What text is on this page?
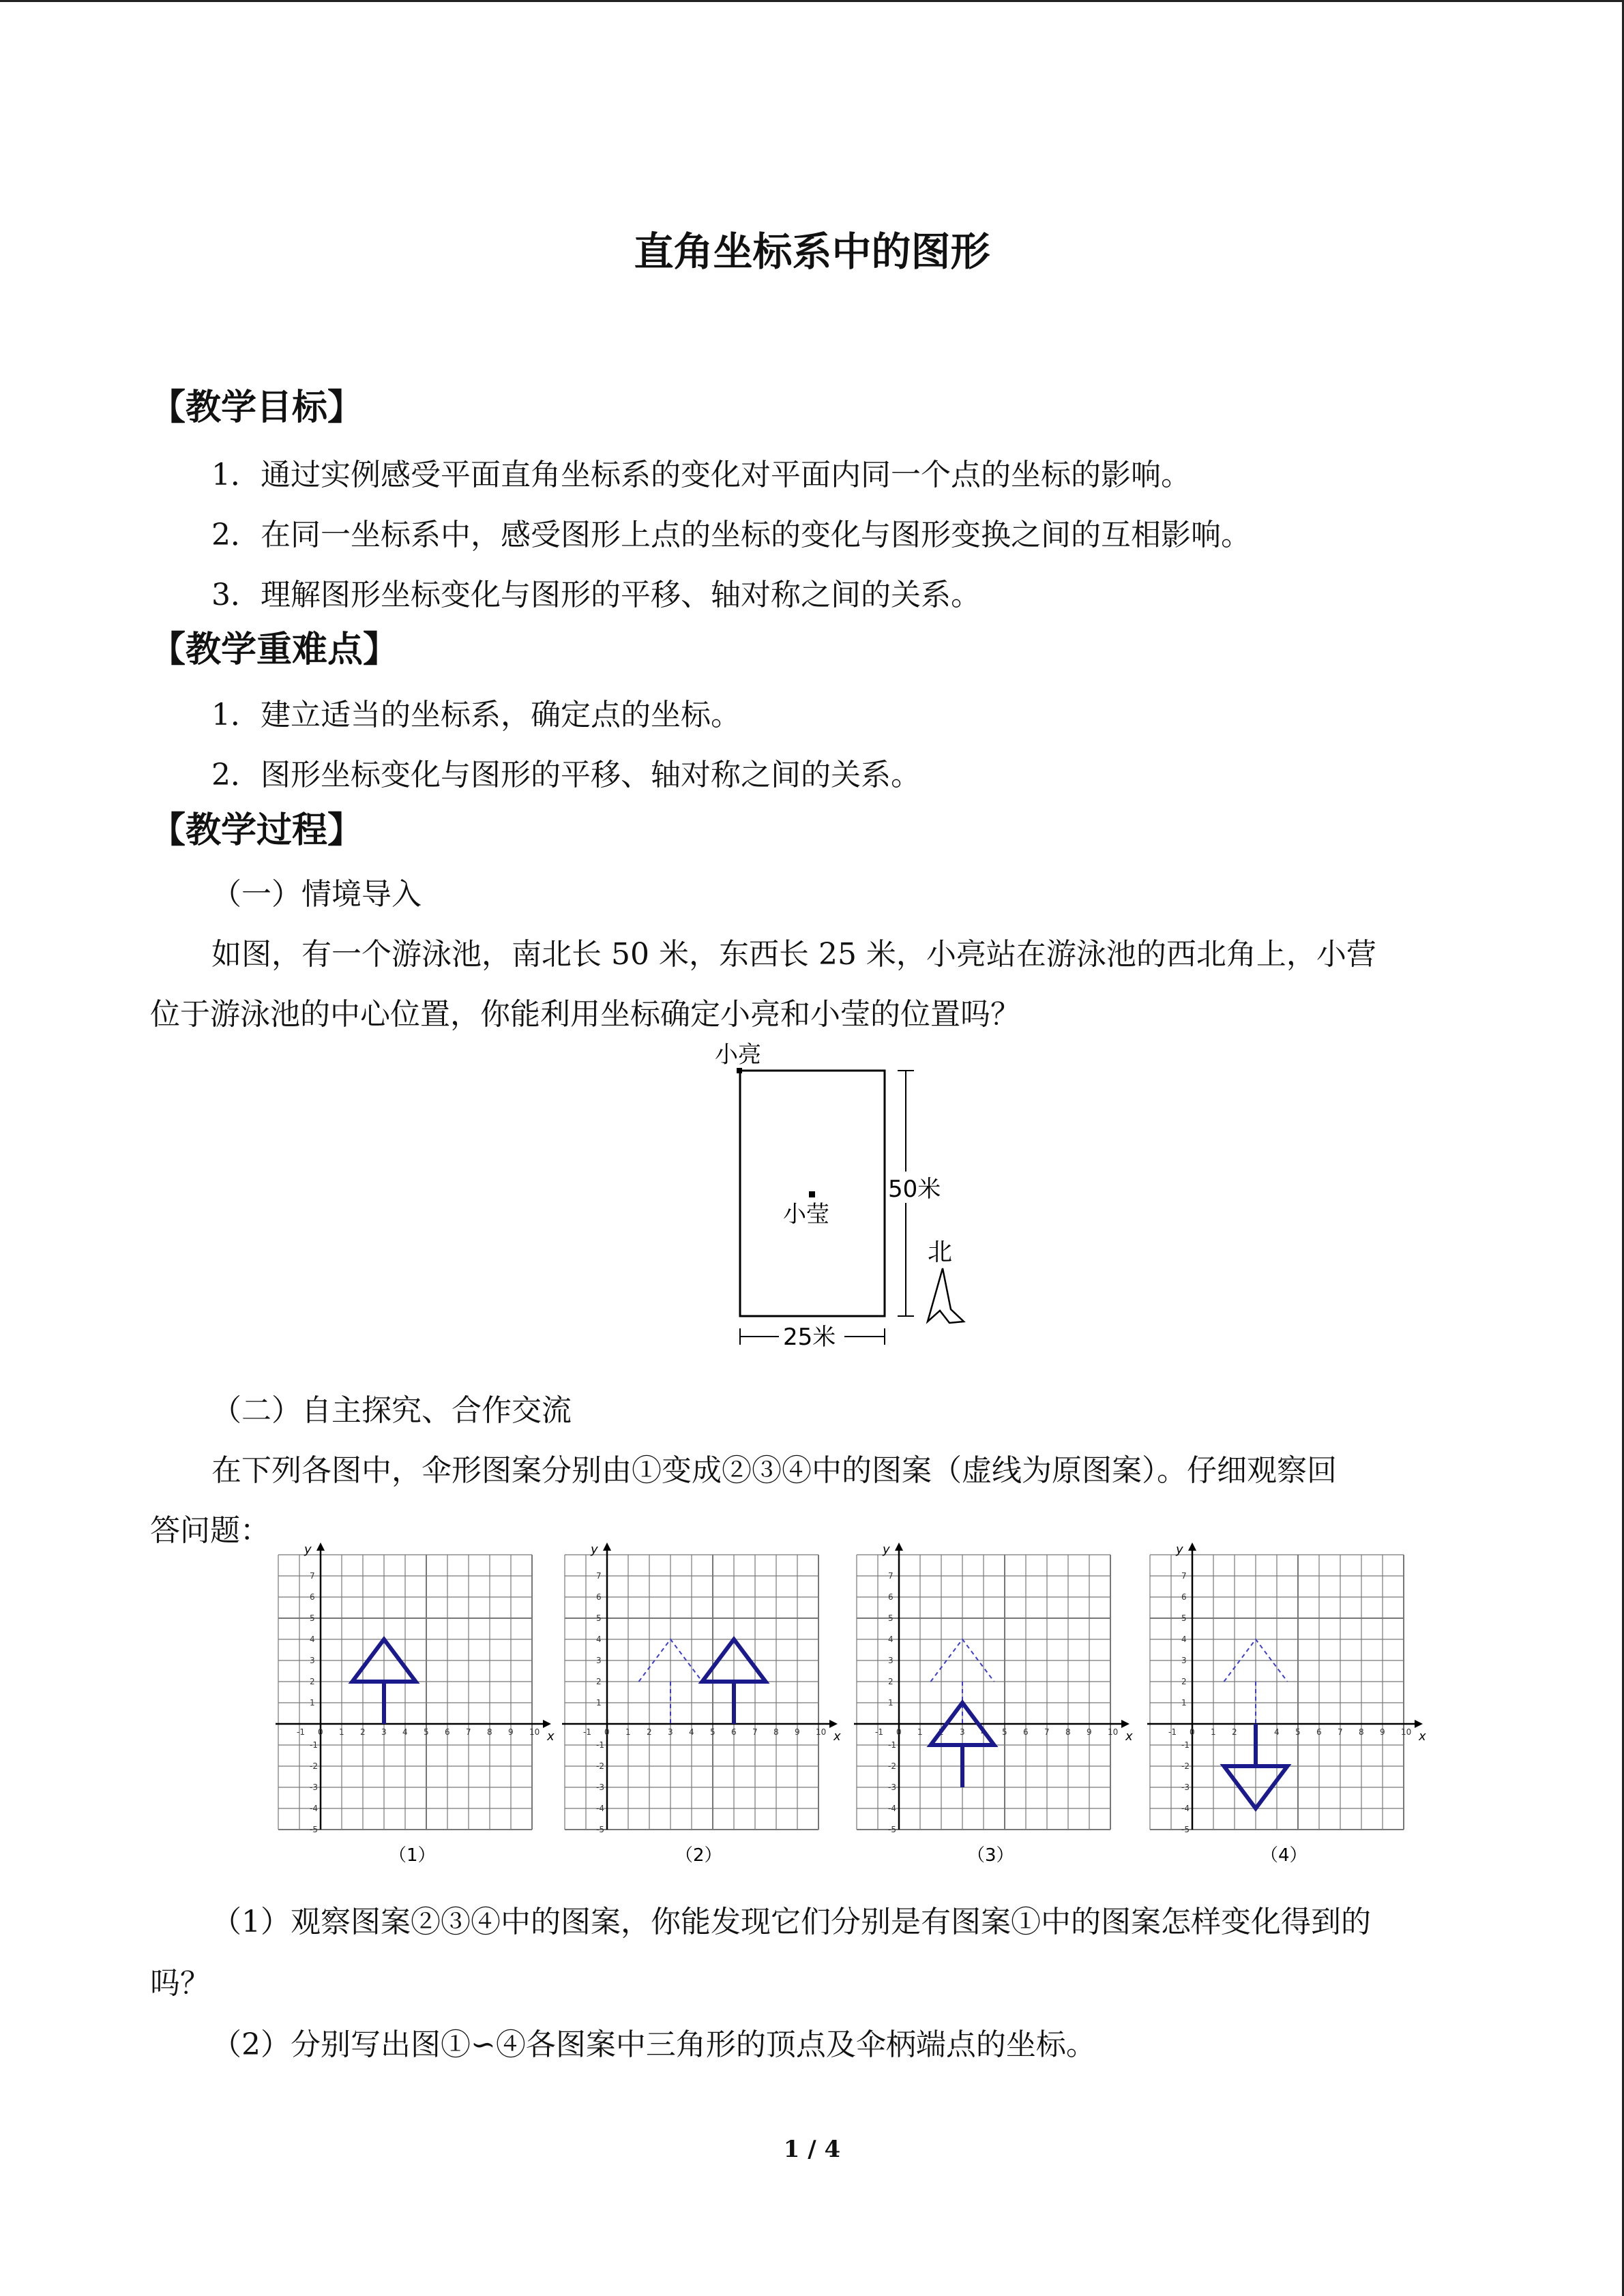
直角坐标系中的图形
【教学目标】
1．通过实例感受平面直角坐标系的变化对平面内同一个点的坐标的影响。
2．在同一坐标系中，感受图形上点的坐标的变化与图形变换之间的互相影响。
3．理解图形坐标变化与图形的平移、轴对称之间的关系。
【教学重难点】
1．建立适当的坐标系，确定点的坐标。
2．图形坐标变化与图形的平移、轴对称之间的关系。
【教学过程】
（一）情境导入
如图，有一个游泳池，南北长 50 米，东西长 25 米，小亮站在游泳池的西北角上，小营
位于游泳池的中心位置，你能利用坐标确定小亮和小莹的位置吗？
小亮
小莹
50米
25米
北
（二）自主探究、合作交流
在下列各图中，伞形图案分别由①变成②③④中的图案（虚线为原图案）。仔细观察回
答问题：
x
y
-1 0 1 2 3 4 5 6 7 8 9 10
7
6
5
4
3
2
1
-1
-2
-3
-4
-5
（1）
x
y
-1 0 1 2 3 4 5 6 7 8 9 10
7
6
5
4
3
2
1
-1
-2
-3
-4
-5
（2）
x
y
-1 0 1 2 3 4 5 6 7 8 9 10
7
6
5
4
3
2
1
-1
-2
-3
-4
-5
（3）
x
y
-1 0 1 2 3 4 5 6 7 8 9 10
7
6
5
4
3
2
1
-1
-2
-3
-4
-5
（4）
（1）观察图案②③④中的图案，你能发现它们分别是有图案①中的图案怎样变化得到的
吗？
（2）分别写出图①∽④各图案中三角形的顶点及伞柄端点的坐标。
1 / 4
